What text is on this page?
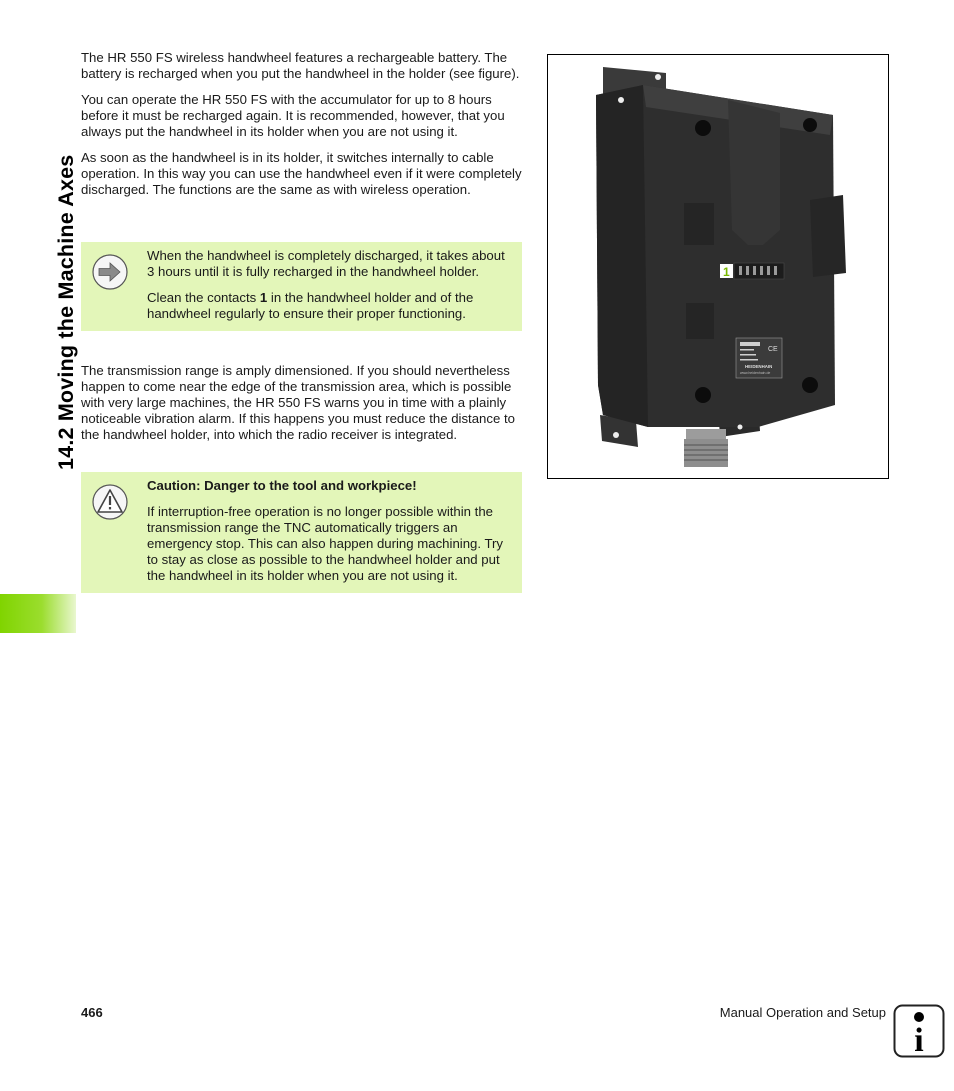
14.2 Moving the Machine Axes

The HR 550 FS wireless handwheel features a rechargeable battery. The battery is recharged when you put the handwheel in the holder (see figure).

You can operate the HR 550 FS with the accumulator for up to 8 hours before it must be recharged again. It is recommended, however, that you always put the handwheel in its holder when you are not using it.

As soon as the handwheel is in its holder, it switches internally to cable operation. In this way you can use the handwheel even if it were completely discharged. The functions are the same as with wireless operation.

When the handwheel is completely discharged, it takes about 3 hours until it is fully recharged in the handwheel holder.

Clean the contacts 1 in the handwheel holder and of the handwheel regularly to ensure their proper functioning.

The transmission range is amply dimensioned. If you should nevertheless happen to come near the edge of the transmission area, which is possible with very large machines, the HR 550 FS warns you in time with a plainly noticeable vibration alarm. If this happens you must reduce the distance to the handwheel holder, into which the radio receiver is integrated.

Caution: Danger to the tool and workpiece!

If interruption-free operation is no longer possible within the transmission range the TNC automatically triggers an emergency stop. This can also happen during machining. Try to stay as close as possible to the handwheel holder and put the handwheel in its holder when you are not using it.

CE
HEIDENHAIN
www.heidenhain.de
1
466	Manual Operation and Setup
i
